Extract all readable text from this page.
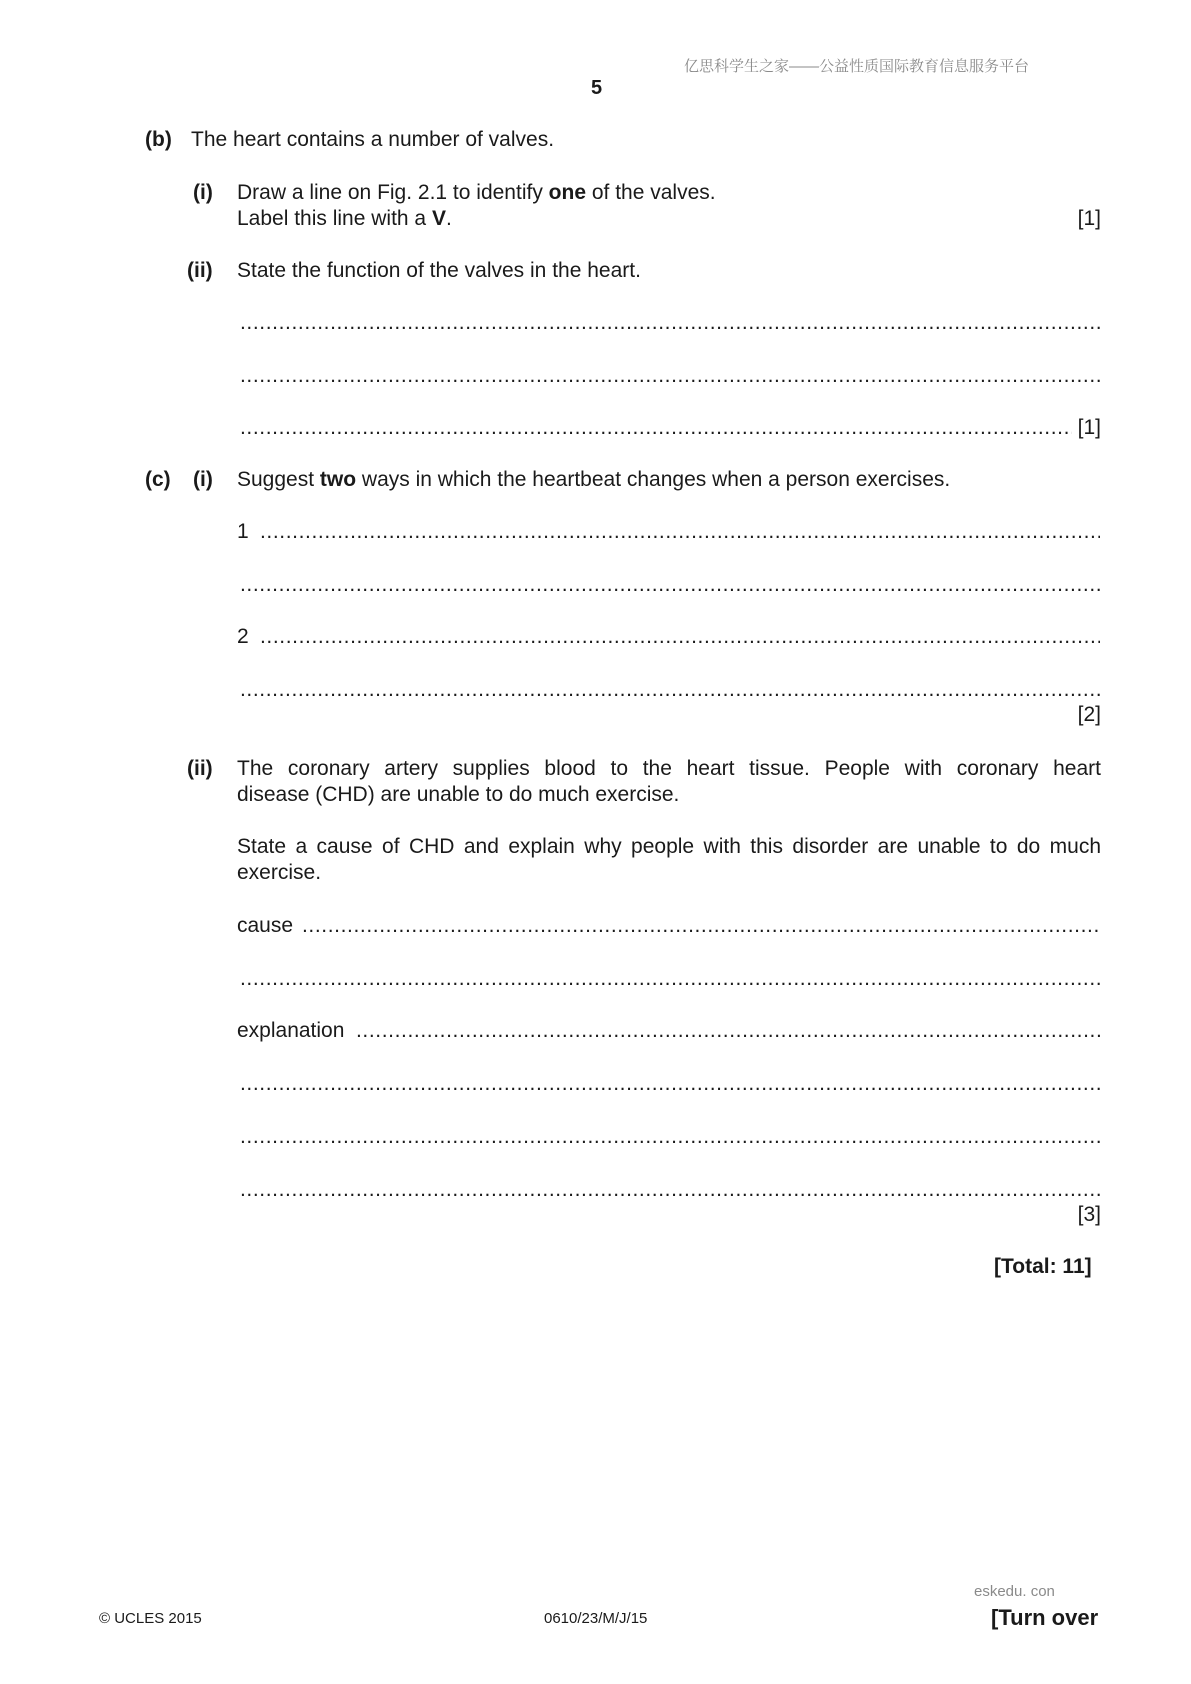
亿思科学生之家——公益性质国际教育信息服务平台
5
(b) The heart contains a number of valves.
(i) Draw a line on Fig. 2.1 to identify one of the valves.
Label this line with a V.	[1]
(ii) State the function of the valves in the heart.
.....
.....
.....
[1]
(c) (i) Suggest two ways in which the heartbeat changes when a person exercises.
1
.....
.....
2
.....
.....
[2]
(ii) The coronary artery supplies blood to the heart tissue. People with coronary heart
disease (CHD) are unable to do much exercise.
State a cause of CHD and explain why people with this disorder are unable to do much
exercise.
cause
.....
.....
explanation
.....
.....
.....
.....
[3]
[Total: 11]
eskedu. con
© UCLES 2015	0610/23/M/J/15	[Turn over
